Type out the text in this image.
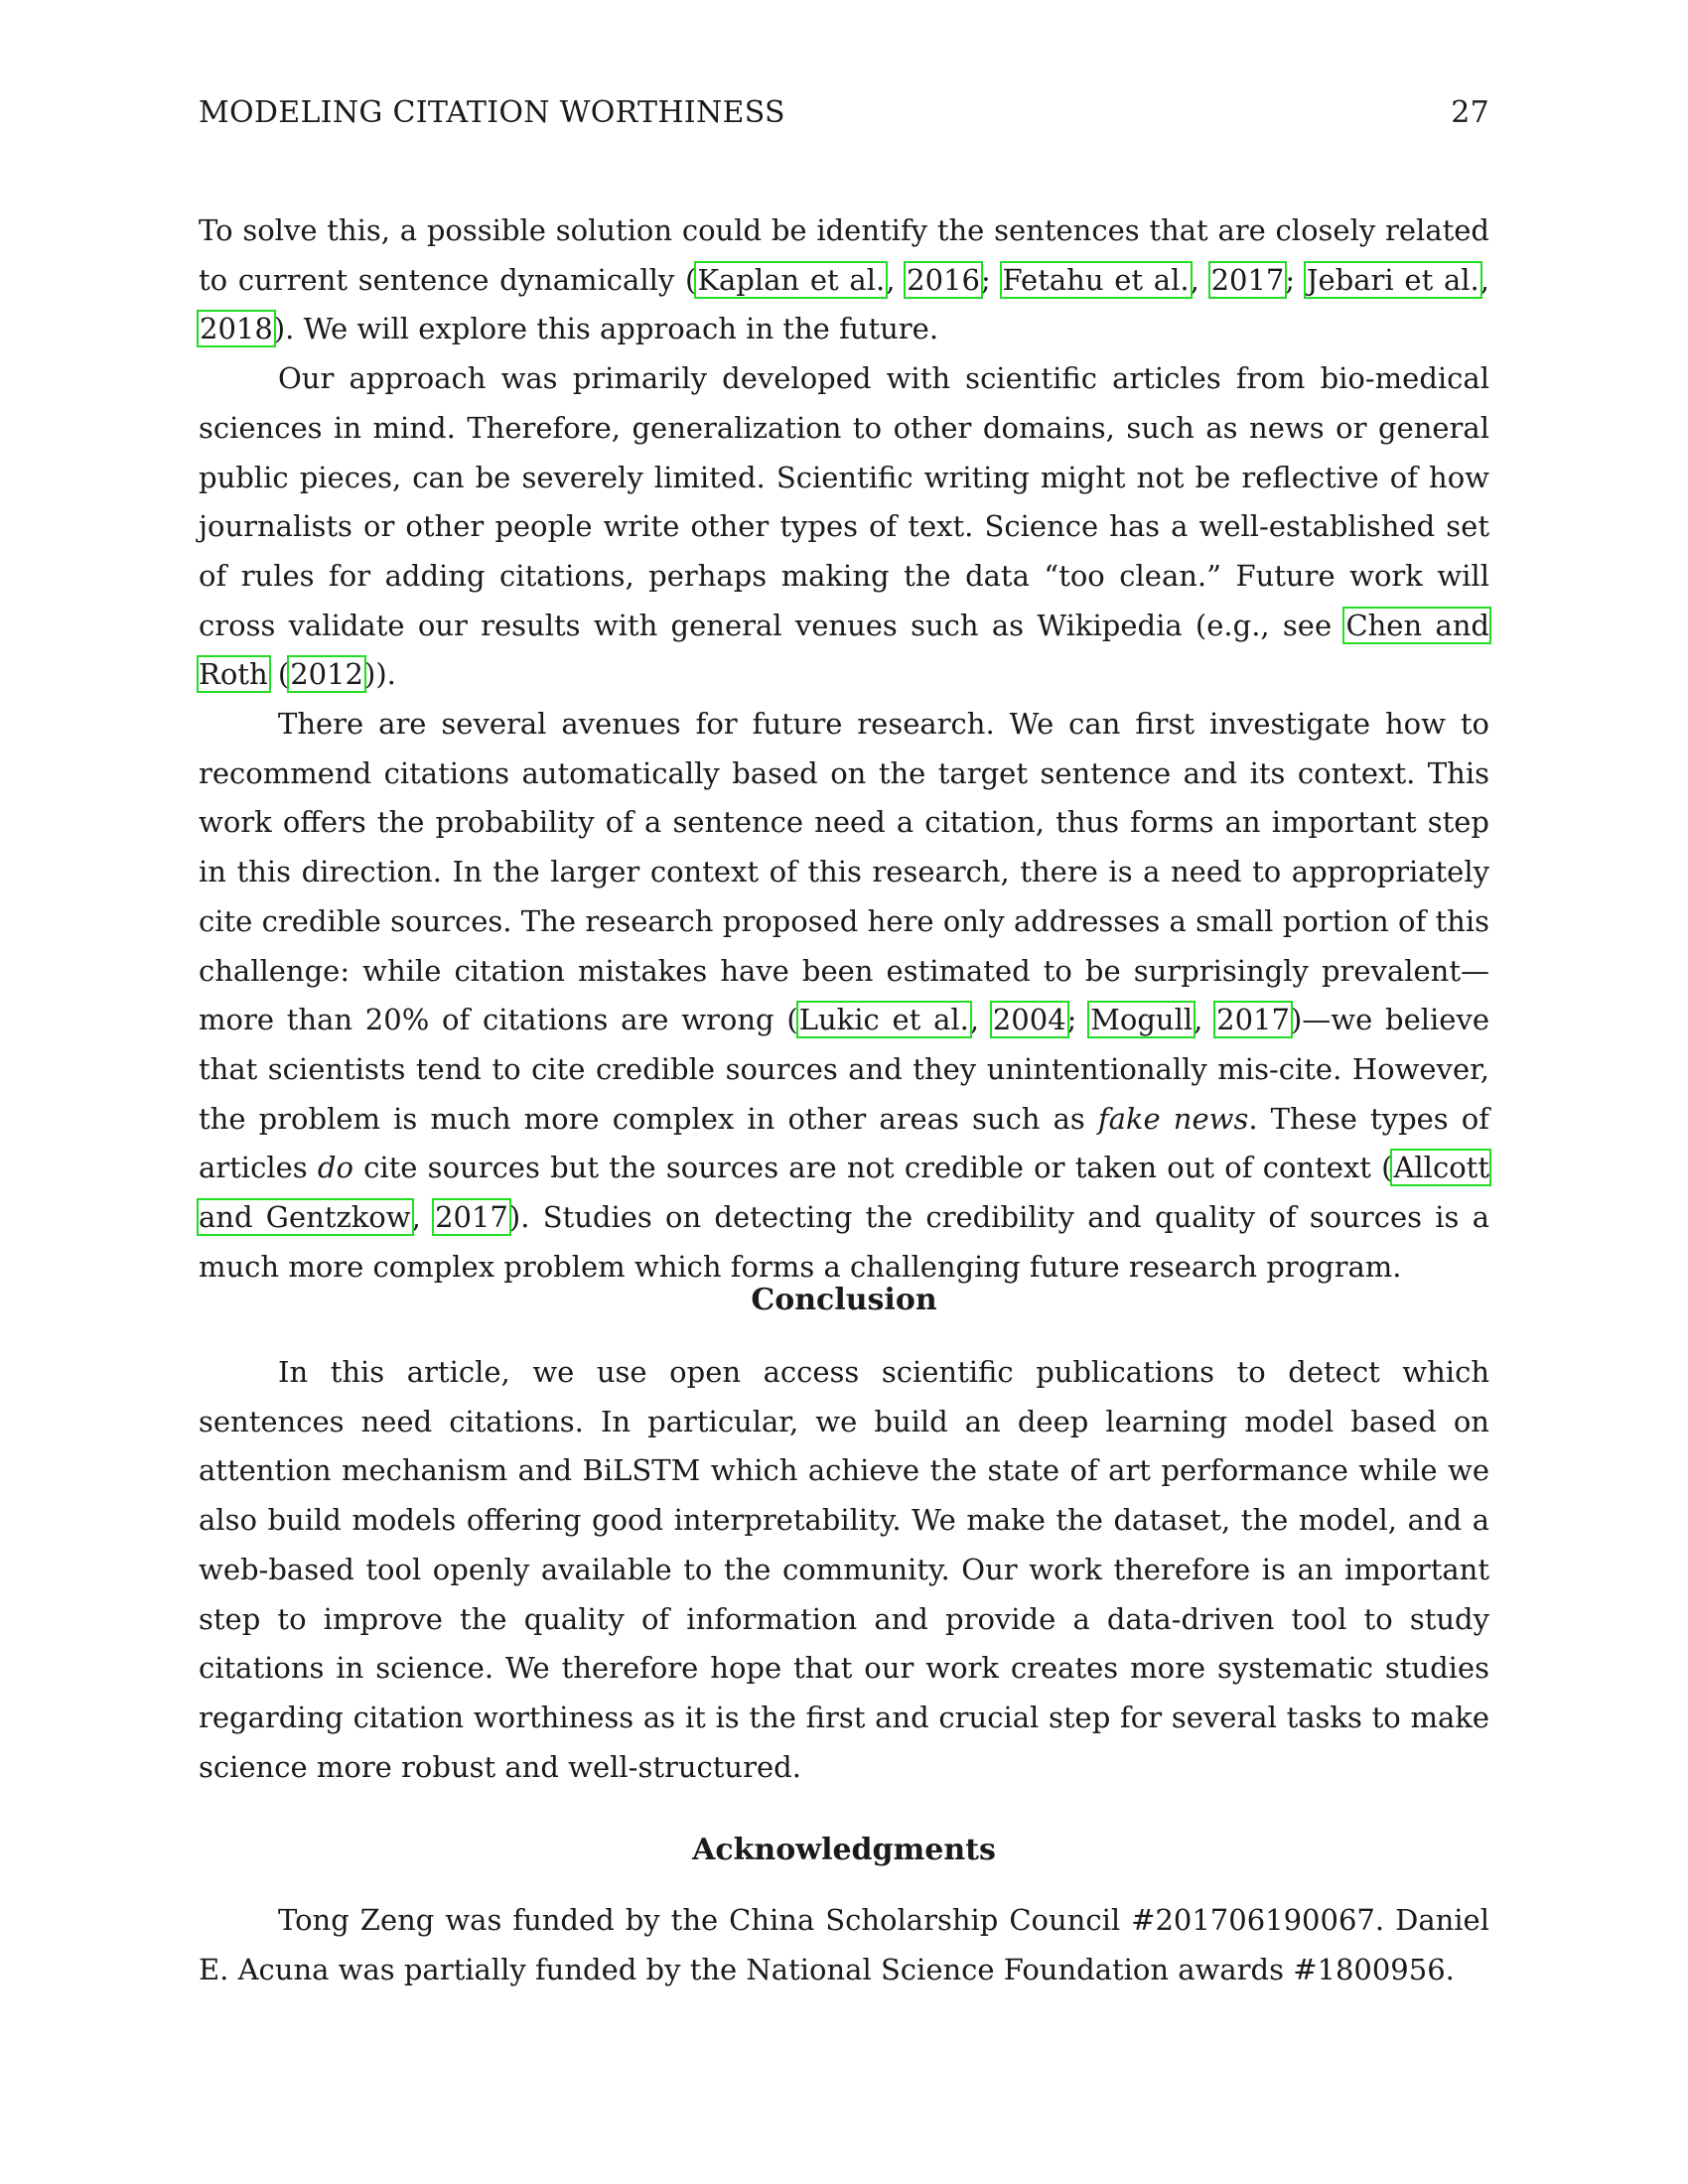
MODELING CITATION WORTHINESS	27

To solve this, a possible solution could be identify the sentences that are closely related to current sentence dynamically (Kaplan et al., 2016; Fetahu et al., 2017; Jebari et al., 2018). We will explore this approach in the future.

Our approach was primarily developed with scientific articles from bio-medical sciences in mind. Therefore, generalization to other domains, such as news or general public pieces, can be severely limited. Scientific writing might not be reflective of how journalists or other people write other types of text. Science has a well-established set of rules for adding citations, perhaps making the data “too clean.” Future work will cross validate our results with general venues such as Wikipedia (e.g., see Chen and Roth (2012)).

There are several avenues for future research. We can first investigate how to recommend citations automatically based on the target sentence and its context. This work offers the probability of a sentence need a citation, thus forms an important step in this direction. In the larger context of this research, there is a need to appropriately cite credible sources. The research proposed here only addresses a small portion of this challenge: while citation mistakes have been estimated to be surprisingly prevalent—more than 20% of citations are wrong (Lukic et al., 2004; Mogull, 2017)—we believe that scientists tend to cite credible sources and they unintentionally mis-cite. However, the problem is much more complex in other areas such as fake news. These types of articles do cite sources but the sources are not credible or taken out of context (Allcott and Gentzkow, 2017). Studies on detecting the credibility and quality of sources is a much more complex problem which forms a challenging future research program.

Conclusion

In this article, we use open access scientific publications to detect which sentences need citations. In particular, we build an deep learning model based on attention mechanism and BiLSTM which achieve the state of art performance while we also build models offering good interpretability. We make the dataset, the model, and a web-based tool openly available to the community. Our work therefore is an important step to improve the quality of information and provide a data-driven tool to study citations in science. We therefore hope that our work creates more systematic studies regarding citation worthiness as it is the first and crucial step for several tasks to make science more robust and well-structured.

Acknowledgments

Tong Zeng was funded by the China Scholarship Council #201706190067. Daniel E. Acuna was partially funded by the National Science Foundation awards #1800956.
